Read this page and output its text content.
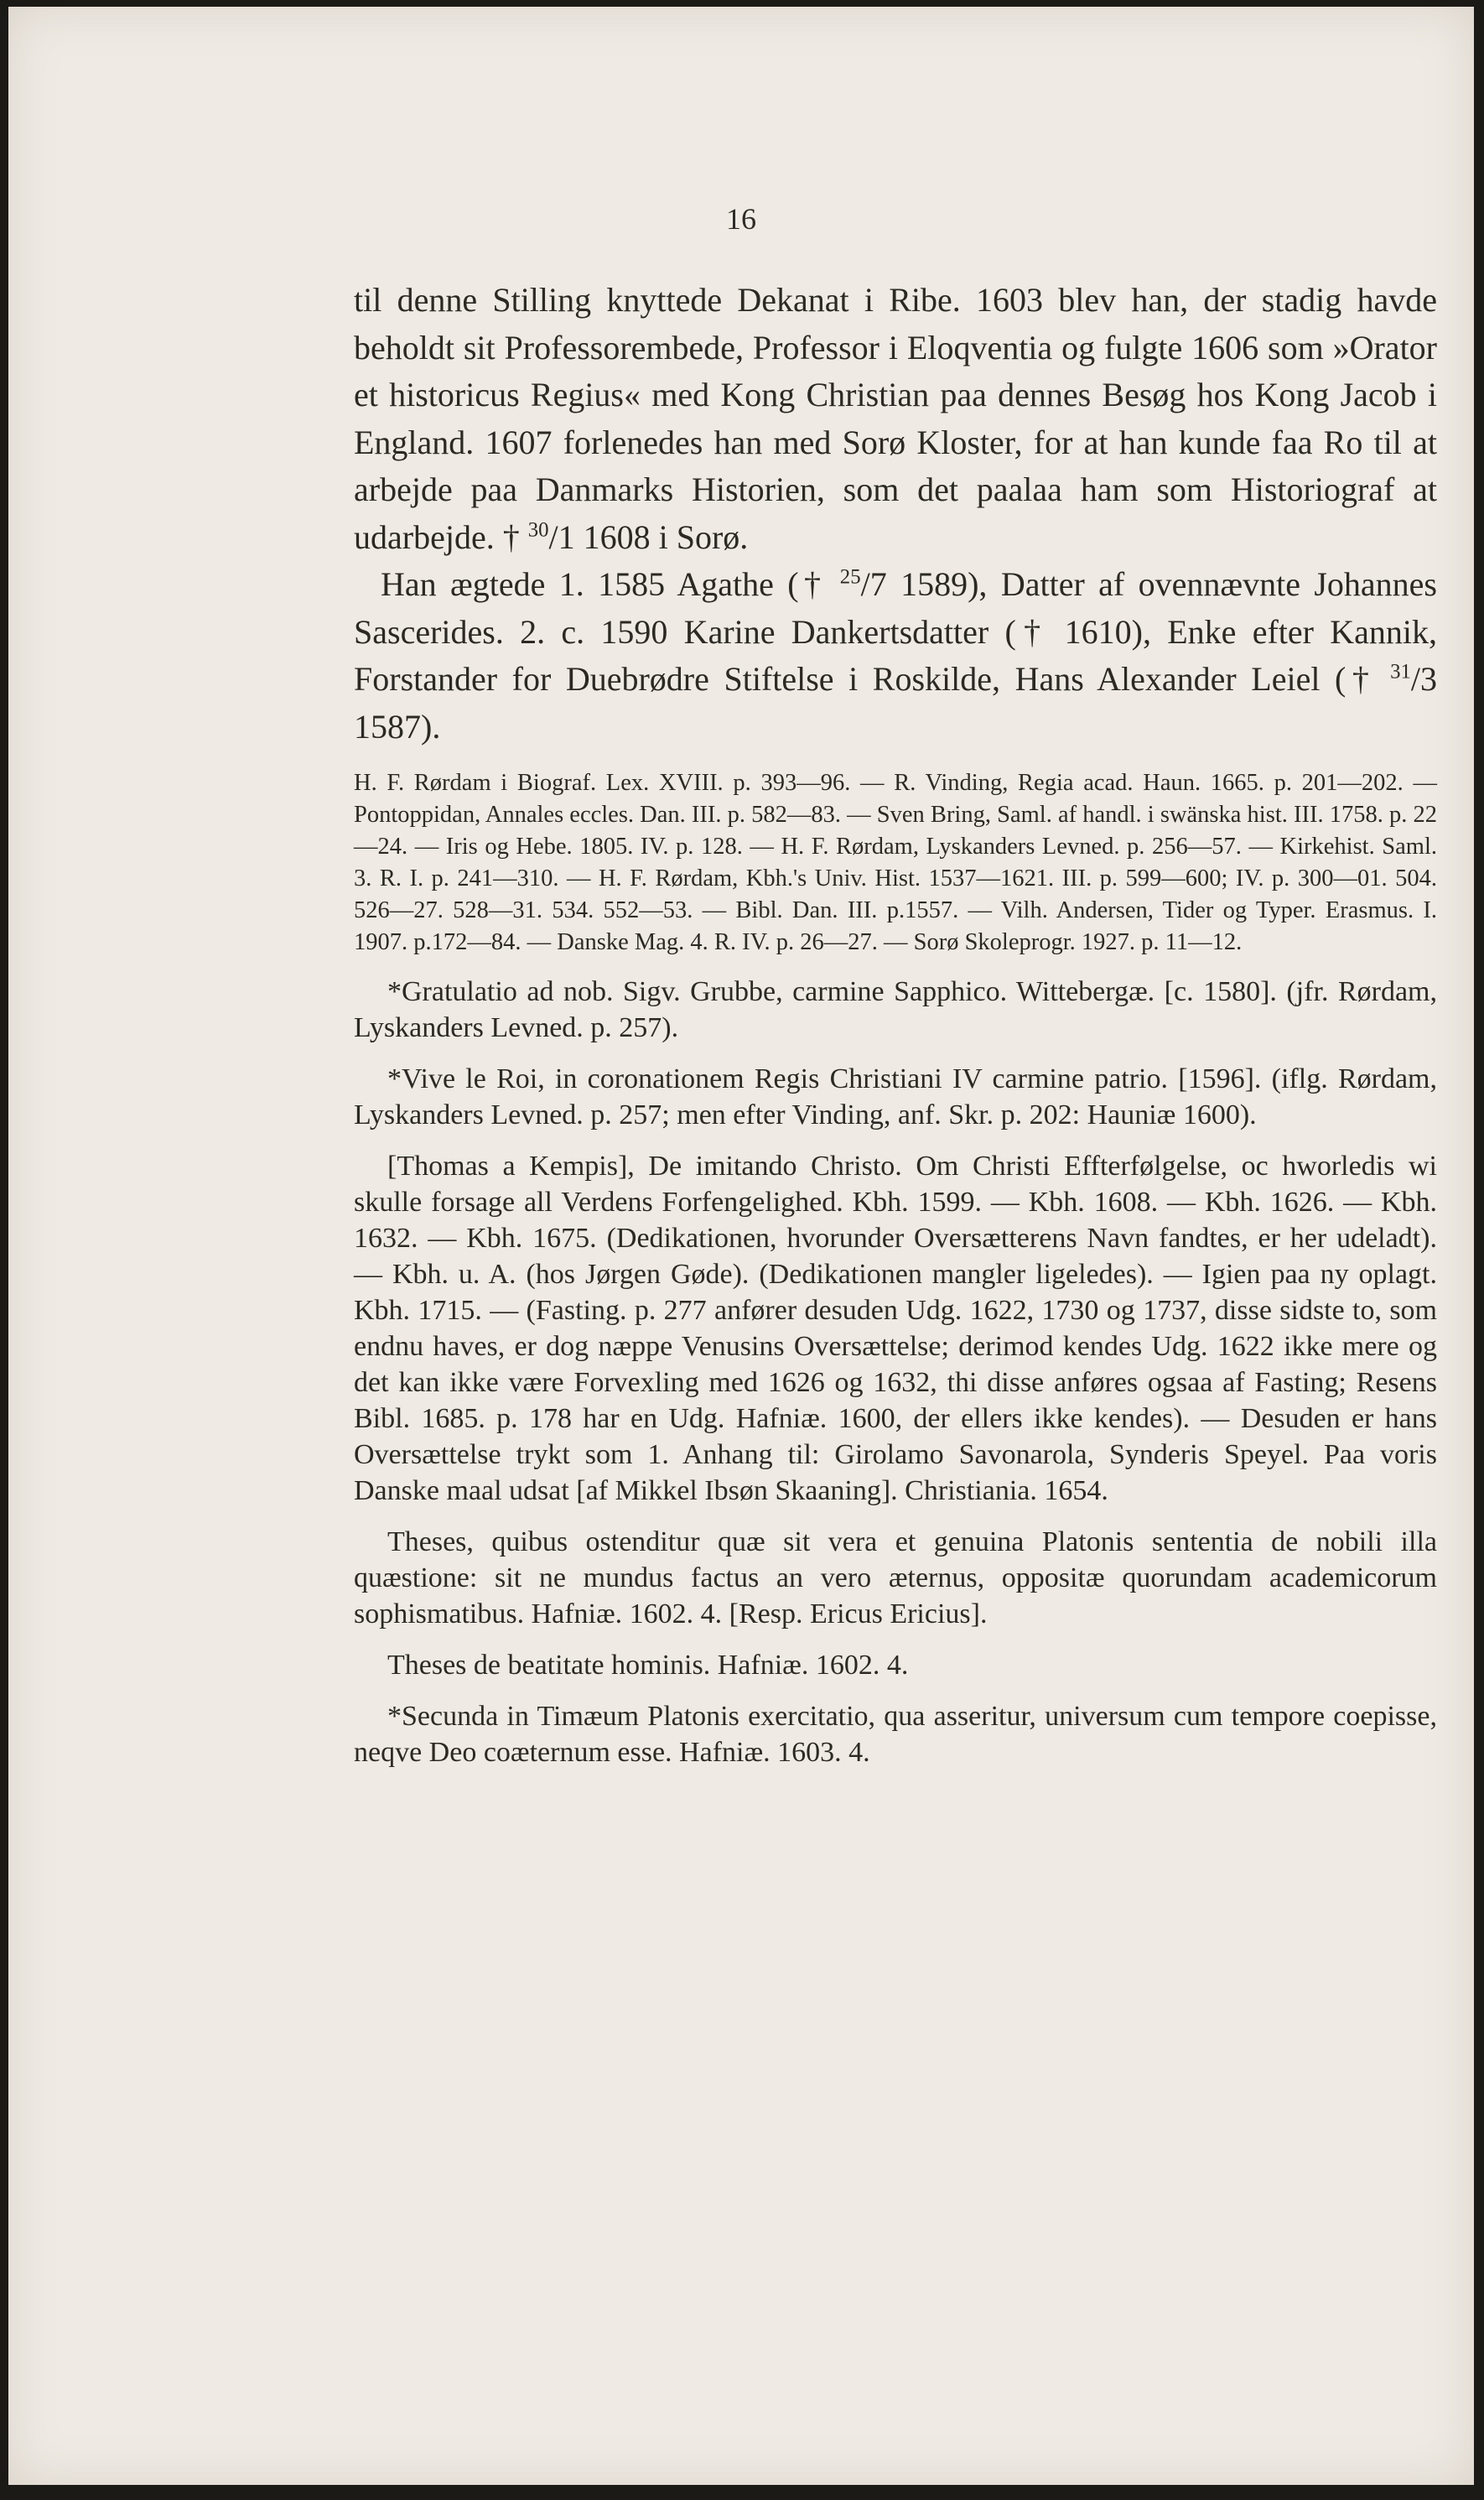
16

til denne Stilling knyttede Dekanat i Ribe. 1603 blev han, der stadig havde beholdt sit Professorembede, Professor i Eloqventia og fulgte 1606 som »Orator et historicus Regius« med Kong Christian paa dennes Besøg hos Kong Jacob i England. 1607 forlenedes han med Sorø Kloster, for at han kunde faa Ro til at arbejde paa Danmarks Historien, som det paalaa ham som Historiograf at udarbejde. † $^{30}$/1 1608 i Sorø.

Han ægtede 1. 1585 Agathe († $^{25}$/7 1589), Datter af ovennævnte Johannes Sascerides. 2. c. 1590 Karine Dankertsdatter († 1610), Enke efter Kannik, Forstander for Duebrødre Stiftelse i Roskilde, Hans Alexander Leiel († $^{31}$/3 1587).

H. F. Rørdam i Biograf. Lex. XVIII. p. 393—96. — R. Vinding, Regia acad. Haun. 1665. p. 201—202. — Pontoppidan, Annales eccles. Dan. III. p. 582—83. — Sven Bring, Saml. af handl. i swänska hist. III. 1758. p. 22—24. — Iris og Hebe. 1805. IV. p. 128. — H. F. Rørdam, Lyskanders Levned. p. 256—57. — Kirkehist. Saml. 3. R. I. p. 241—310. — H. F. Rørdam, Kbh.'s Univ. Hist. 1537—1621. III. p. 599—600; IV. p. 300—01. 504. 526—27. 528—31. 534. 552—53. — Bibl. Dan. III. p.1557. — Vilh. Andersen, Tider og Typer. Erasmus. I. 1907. p.172—84. — Danske Mag. 4. R. IV. p. 26—27. — Sorø Skoleprogr. 1927. p. 11—12.

*Gratulatio ad nob. Sigv. Grubbe, carmine Sapphico. Wittebergæ. [c. 1580]. (jfr. Rørdam, Lyskanders Levned. p. 257).

*Vive le Roi, in coronationem Regis Christiani IV carmine patrio. [1596]. (iflg. Rørdam, Lyskanders Levned. p. 257; men efter Vinding, anf. Skr. p. 202: Hauniæ 1600).

[Thomas a Kempis], De imitando Christo. Om Christi Effterfølgelse, oc hworledis wi skulle forsage all Verdens Forfengelighed. Kbh. 1599. — Kbh. 1608. — Kbh. 1626. — Kbh. 1632. — Kbh. 1675. (Dedikationen, hvorunder Oversætterens Navn fandtes, er her udeladt). — Kbh. u. A. (hos Jørgen Gøde). (Dedikationen mangler ligeledes). — Igien paa ny oplagt. Kbh. 1715. — (Fasting. p. 277 anfører desuden Udg. 1622, 1730 og 1737, disse sidste to, som endnu haves, er dog næppe Venusins Oversættelse; derimod kendes Udg. 1622 ikke mere og det kan ikke være Forvexling med 1626 og 1632, thi disse anføres ogsaa af Fasting; Resens Bibl. 1685. p. 178 har en Udg. Hafniæ. 1600, der ellers ikke kendes). — Desuden er hans Oversættelse trykt som 1. Anhang til: Girolamo Savonarola, Synderis Speyel. Paa voris Danske maal udsat [af Mikkel Ibsøn Skaaning]. Christiania. 1654.

Theses, quibus ostenditur quæ sit vera et genuina Platonis sententia de nobili illa quæstione: sit ne mundus factus an vero æternus, oppositæ quorundam academicorum sophismatibus. Hafniæ. 1602. 4. [Resp. Ericus Ericius].

Theses de beatitate hominis. Hafniæ. 1602. 4.

*Secunda in Timæum Platonis exercitatio, qua asseritur, universum cum tempore coepisse, neqve Deo coæternum esse. Hafniæ. 1603. 4.
